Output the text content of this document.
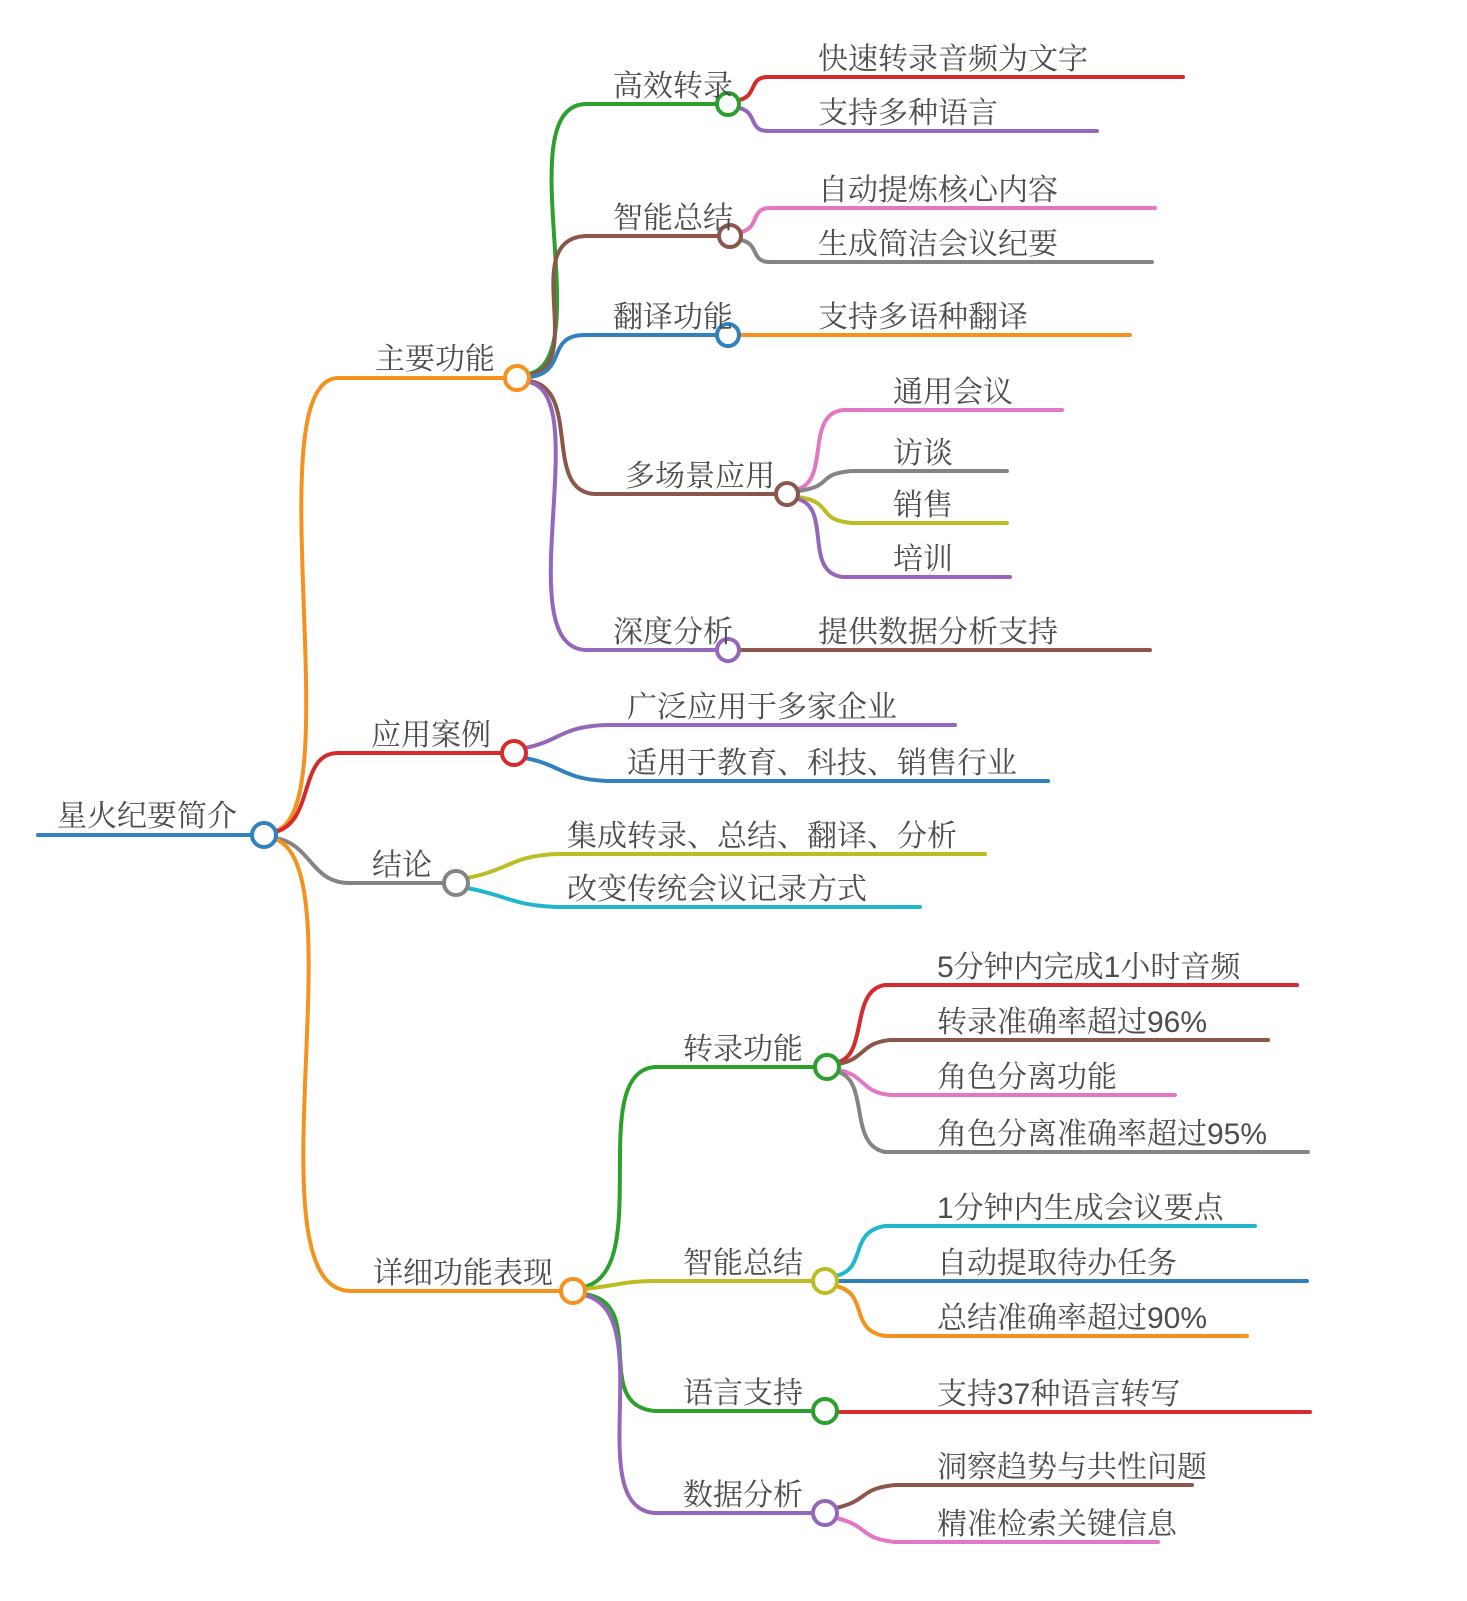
星火纪要简介
主要功能
高效转录
快速转录音频为文字
支持多种语言
智能总结
自动提炼核心内容
生成简洁会议纪要
翻译功能	支持多语种翻译
多场景应用
通用会议
访谈
销售
培训
深度分析	提供数据分析支持
应用案例
广泛应用于多家企业
适用于教育、科技、销售行业
结论
集成转录、总结、翻译、分析
改变传统会议记录方式
详细功能表现
转录功能
5分钟内完成1小时音频
转录准确率超过96%
角色分离功能
角色分离准确率超过95%
智能总结
1分钟内生成会议要点
自动提取待办任务
总结准确率超过90%
语言支持	支持37种语言转写
数据分析
洞察趋势与共性问题
精准检索关键信息
